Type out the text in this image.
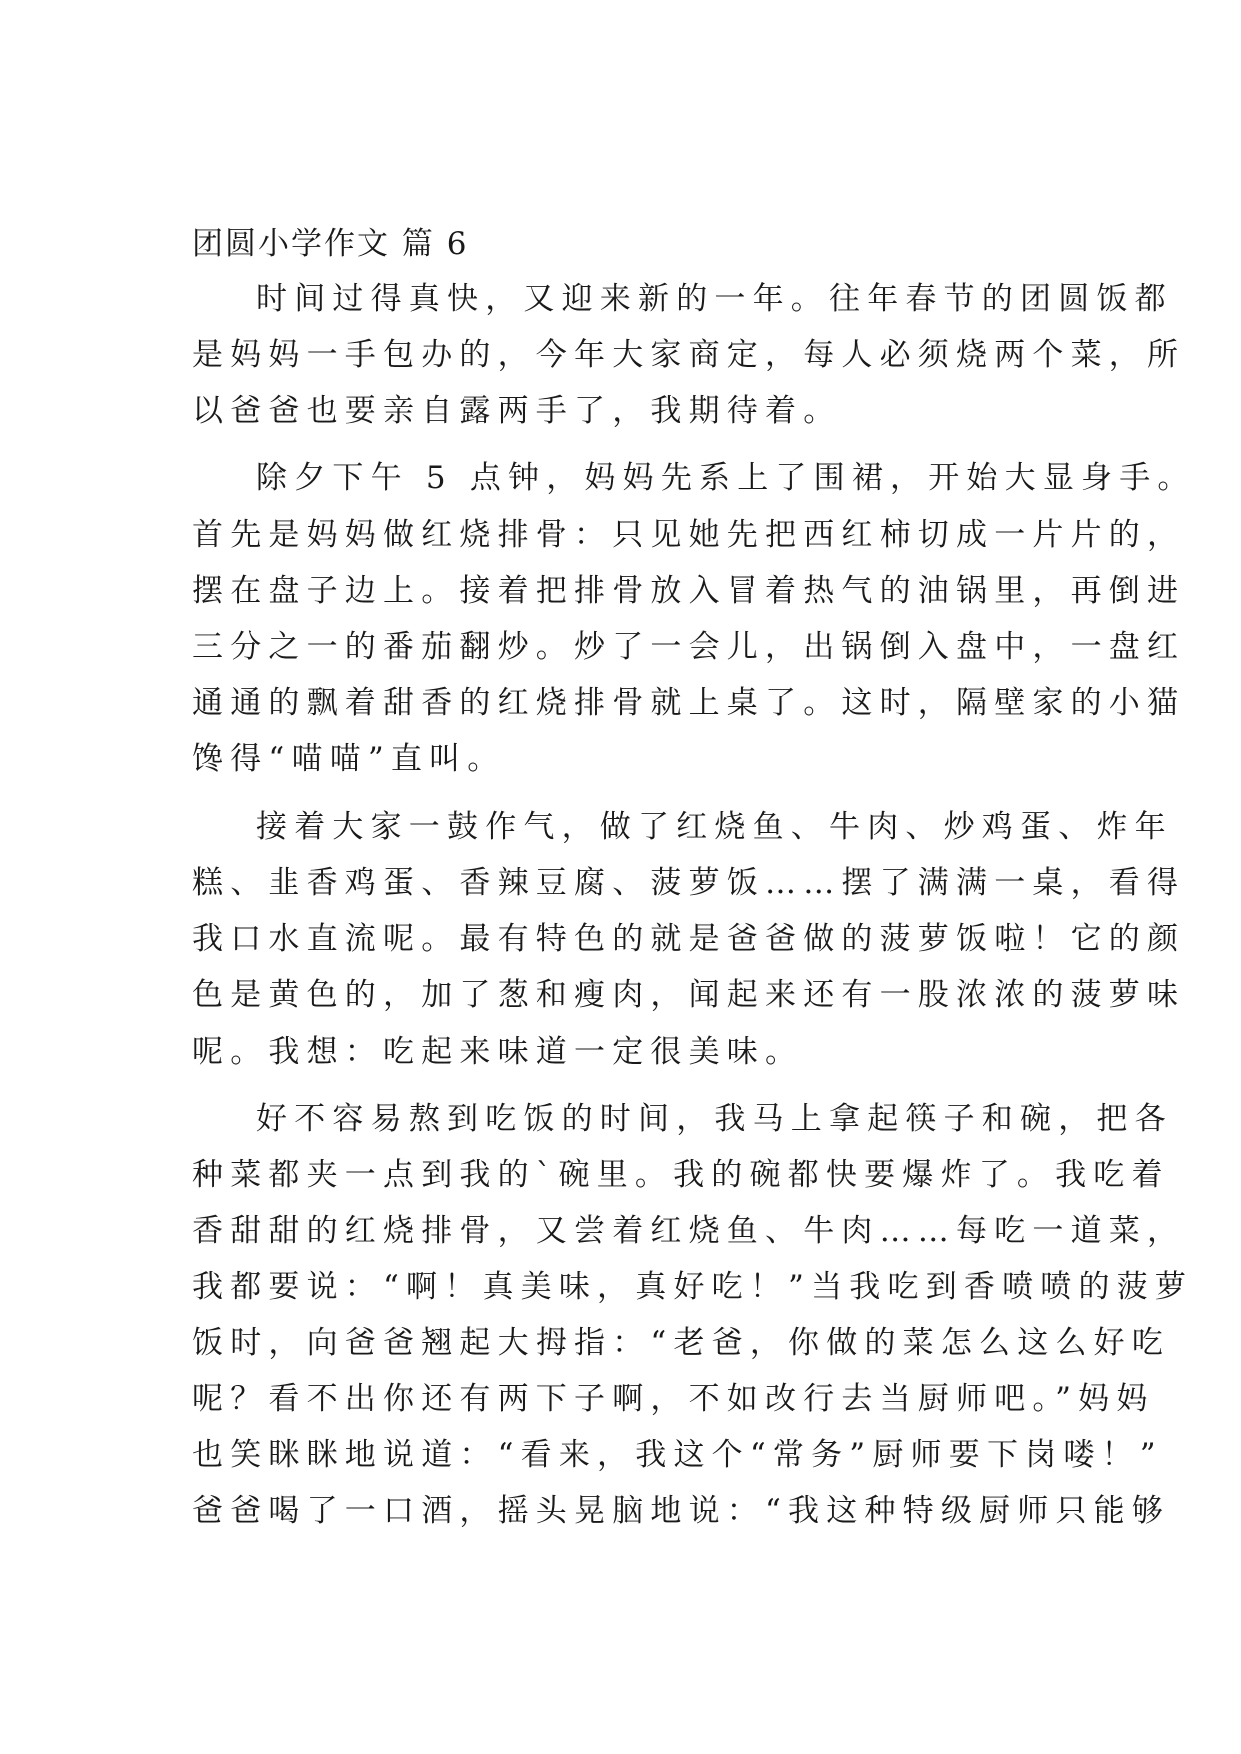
团圆小学作文 篇 6
时间过得真快，又迎来新的一年。往年春节的团圆饭都
是妈妈一手包办的，今年大家商定，每人必须烧两个菜，所
以爸爸也要亲自露两手了，我期待着。
除夕下午 5 点钟，妈妈先系上了围裙，开始大显身手。
首先是妈妈做红烧排骨：只见她先把西红柿切成一片片的，
摆在盘子边上。接着把排骨放入冒着热气的油锅里，再倒进
三分之一的番茄翻炒。炒了一会儿，出锅倒入盘中，一盘红
通通的飘着甜香的红烧排骨就上桌了。这时，隔壁家的小猫
馋得“喵喵”直叫。
接着大家一鼓作气，做了红烧鱼、牛肉、炒鸡蛋、炸年
糕、韭香鸡蛋、香辣豆腐、菠萝饭……摆了满满一桌，看得
我口水直流呢。最有特色的就是爸爸做的菠萝饭啦！它的颜
色是黄色的，加了葱和瘦肉，闻起来还有一股浓浓的菠萝味
呢。我想：吃起来味道一定很美味。
好不容易熬到吃饭的时间，我马上拿起筷子和碗，把各
种菜都夹一点到我的`碗里。我的碗都快要爆炸了。我吃着
香甜甜的红烧排骨，又尝着红烧鱼、牛肉……每吃一道菜，
我都要说：“啊！真美味，真好吃！”当我吃到香喷喷的菠萝
饭时，向爸爸翘起大拇指：“老爸，你做的菜怎么这么好吃
呢？看不出你还有两下子啊，不如改行去当厨师吧。”妈妈
也笑眯眯地说道：“看来，我这个“常务”厨师要下岗喽！”
爸爸喝了一口酒，摇头晃脑地说：“我这种特级厨师只能够
